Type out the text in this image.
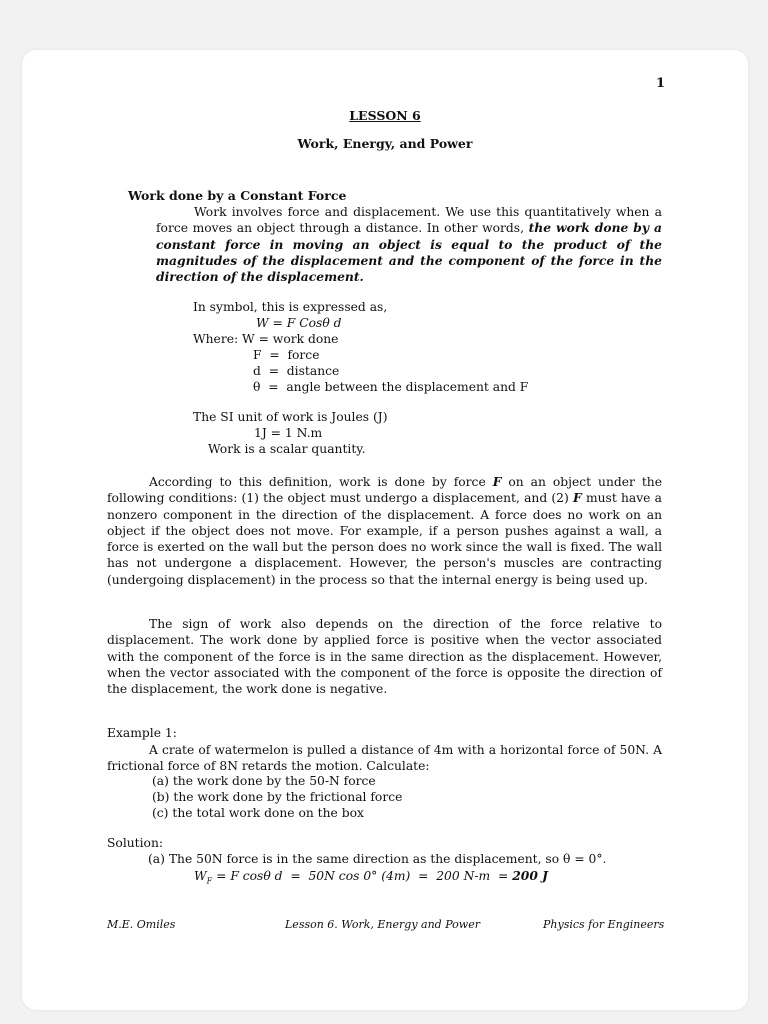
1
LESSON 6
Work, Energy, and Power
Work done by a Constant Force
Work involves force and displacement. We use this quantitatively when a force moves an object through a distance. In other words, the work done by a constant force in moving an object is equal to the product of the magnitudes of the displacement and the component of the force in the direction of the displacement.
In symbol, this is expressed as,
W = F Cosθ d
Where: W = work done
F  =  force
d  =  distance
θ  =  angle between the displacement and F
The SI unit of work is Joules (J)
1J = 1 N.m
Work is a scalar quantity.
According to this definition, work is done by force F on an object under the following conditions: (1) the object must undergo a displacement, and (2) F must have a nonzero component in the direction of the displacement. A force does no work on an object if the object does not move. For example, if a person pushes against a wall, a force is exerted on the wall but the person does no work since the wall is fixed. The wall has not undergone a displacement. However, the person's muscles are contracting (undergoing displacement) in the process so that the internal energy is being used up.
The sign of work also depends on the direction of the force relative to displacement. The work done by applied force is positive when the vector associated with the component of the force is in the same direction as the displacement. However, when the vector associated with the component of the force is opposite the direction of the displacement, the work done is negative.
Example 1:
A crate of watermelon is pulled a distance of 4m with a horizontal force of 50N. A frictional force of 8N retards the motion. Calculate:
(a) the work done by the 50-N force
(b) the work done by the frictional force
(c) the total work done on the box
Solution:
(a) The 50N force is in the same direction as the displacement, so θ = 0°.
$W_F = F$ cosθ d  =  50N cos 0° (4m)  =  200 N-m  = 200 J
M.E. Omiles	Lesson 6. Work, Energy and Power	Physics for Engineers
